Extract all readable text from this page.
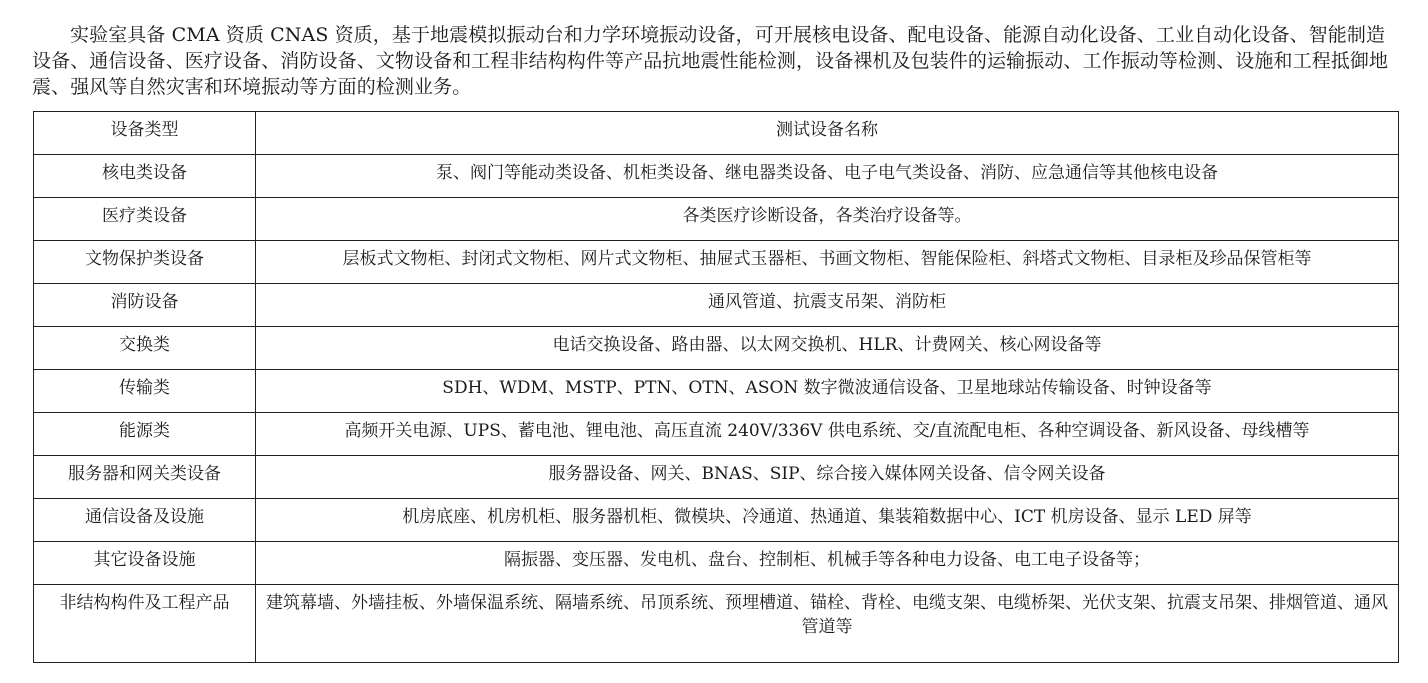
实验室具备 CMA 资质 CNAS 资质，基于地震模拟振动台和力学环境振动设备，可开展核电设备、配电设备、能源自动化设备、工业自动化设备、智能制造设备、通信设备、医疗设备、消防设备、文物设备和工程非结构构件等产品抗地震性能检测，设备裸机及包装件的运输振动、工作振动等检测、设施和工程抵御地震、强风等自然灾害和环境振动等方面的检测业务。

设备类型	测试设备名称
核电类设备	泵、阀门等能动类设备、机柜类设备、继电器类设备、电子电气类设备、消防、应急通信等其他核电设备
医疗类设备	各类医疗诊断设备，各类治疗设备等。
文物保护类设备	层板式文物柜、封闭式文物柜、网片式文物柜、抽屉式玉器柜、书画文物柜、智能保险柜、斜塔式文物柜、目录柜及珍品保管柜等
消防设备	通风管道、抗震支吊架、消防柜
交换类	电话交换设备、路由器、以太网交换机、HLR、计费网关、核心网设备等
传输类	SDH、WDM、MSTP、PTN、OTN、ASON 数字微波通信设备、卫星地球站传输设备、时钟设备等
能源类	高频开关电源、UPS、蓄电池、锂电池、高压直流 240V/336V 供电系统、交/直流配电柜、各种空调设备、新风设备、母线槽等
服务器和网关类设备	服务器设备、网关、BNAS、SIP、综合接入媒体网关设备、信令网关设备
通信设备及设施	机房底座、机房机柜、服务器机柜、微模块、冷通道、热通道、集装箱数据中心、ICT 机房设备、显示 LED 屏等
其它设备设施	隔振器、变压器、发电机、盘台、控制柜、机械手等各种电力设备、电工电子设备等；
非结构构件及工程产品	建筑幕墙、外墙挂板、外墙保温系统、隔墙系统、吊顶系统、预埋槽道、锚栓、背栓、电缆支架、电缆桥架、光伏支架、抗震支吊架、排烟管道、通风管道等
